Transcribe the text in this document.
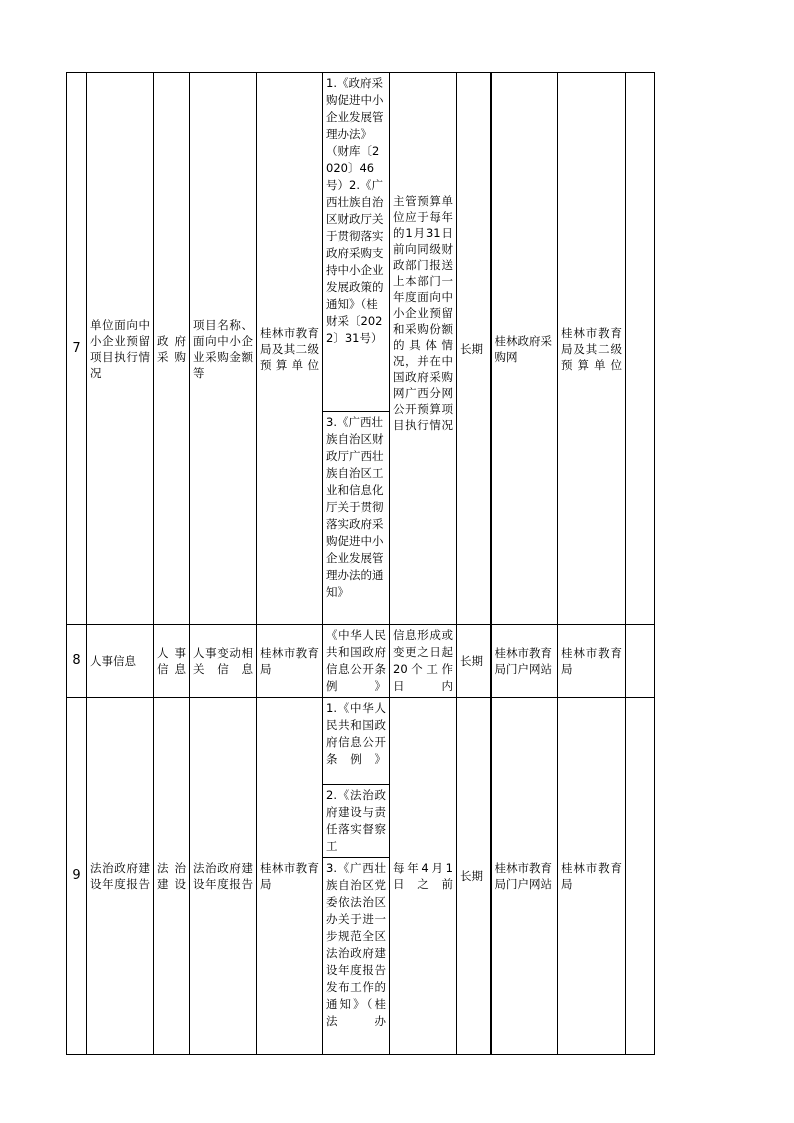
7	单位面向中小企业预留项目执行情况	政府采购	项目名称、面向中小企业采购金额等	桂林市教育局及其二级预算单位	1.《政府采购促进中小企业发展管理办法》（财库〔2020〕46号）2.《广西壮族自治区财政厅关于贯彻落实政府采购支持中小企业发展政策的通知》（桂财采〔2022〕31号）	主管预算单位应于每年的1月31日前向同级财政部门报送上本部门一年度面向中小企业预留和采购份额的具体情况，并在中国政府采购网广西分网公开预算项目执行情况	长期	桂林政府采购网	桂林市教育局及其二级预算单位	
					3.《广西壮族自治区财政厅广西壮族自治区工业和信息化厅关于贯彻落实政府采购促进中小企业发展管理办法的通知》					
8	人事信息	人事信息	人事变动相关信息	桂林市教育局	《中华人民共和国政府信息公开条例》	信息形成或变更之日起20个工作日内	长期	桂林市教育局门户网站	桂林市教育局	
9	法治政府建设年度报告	法治建设	法治政府建设年度报告	桂林市教育局	1.《中华人民共和国政府信息公开条例》	每年4月1日之前	长期	桂林市教育局门户网站	桂林市教育局	
					2.《法治政府建设与责任落实督察工					
					3.《广西壮族自治区党委依法治区办关于进一步规范全区法治政府建设年度报告发布工作的通知》（桂法办					
